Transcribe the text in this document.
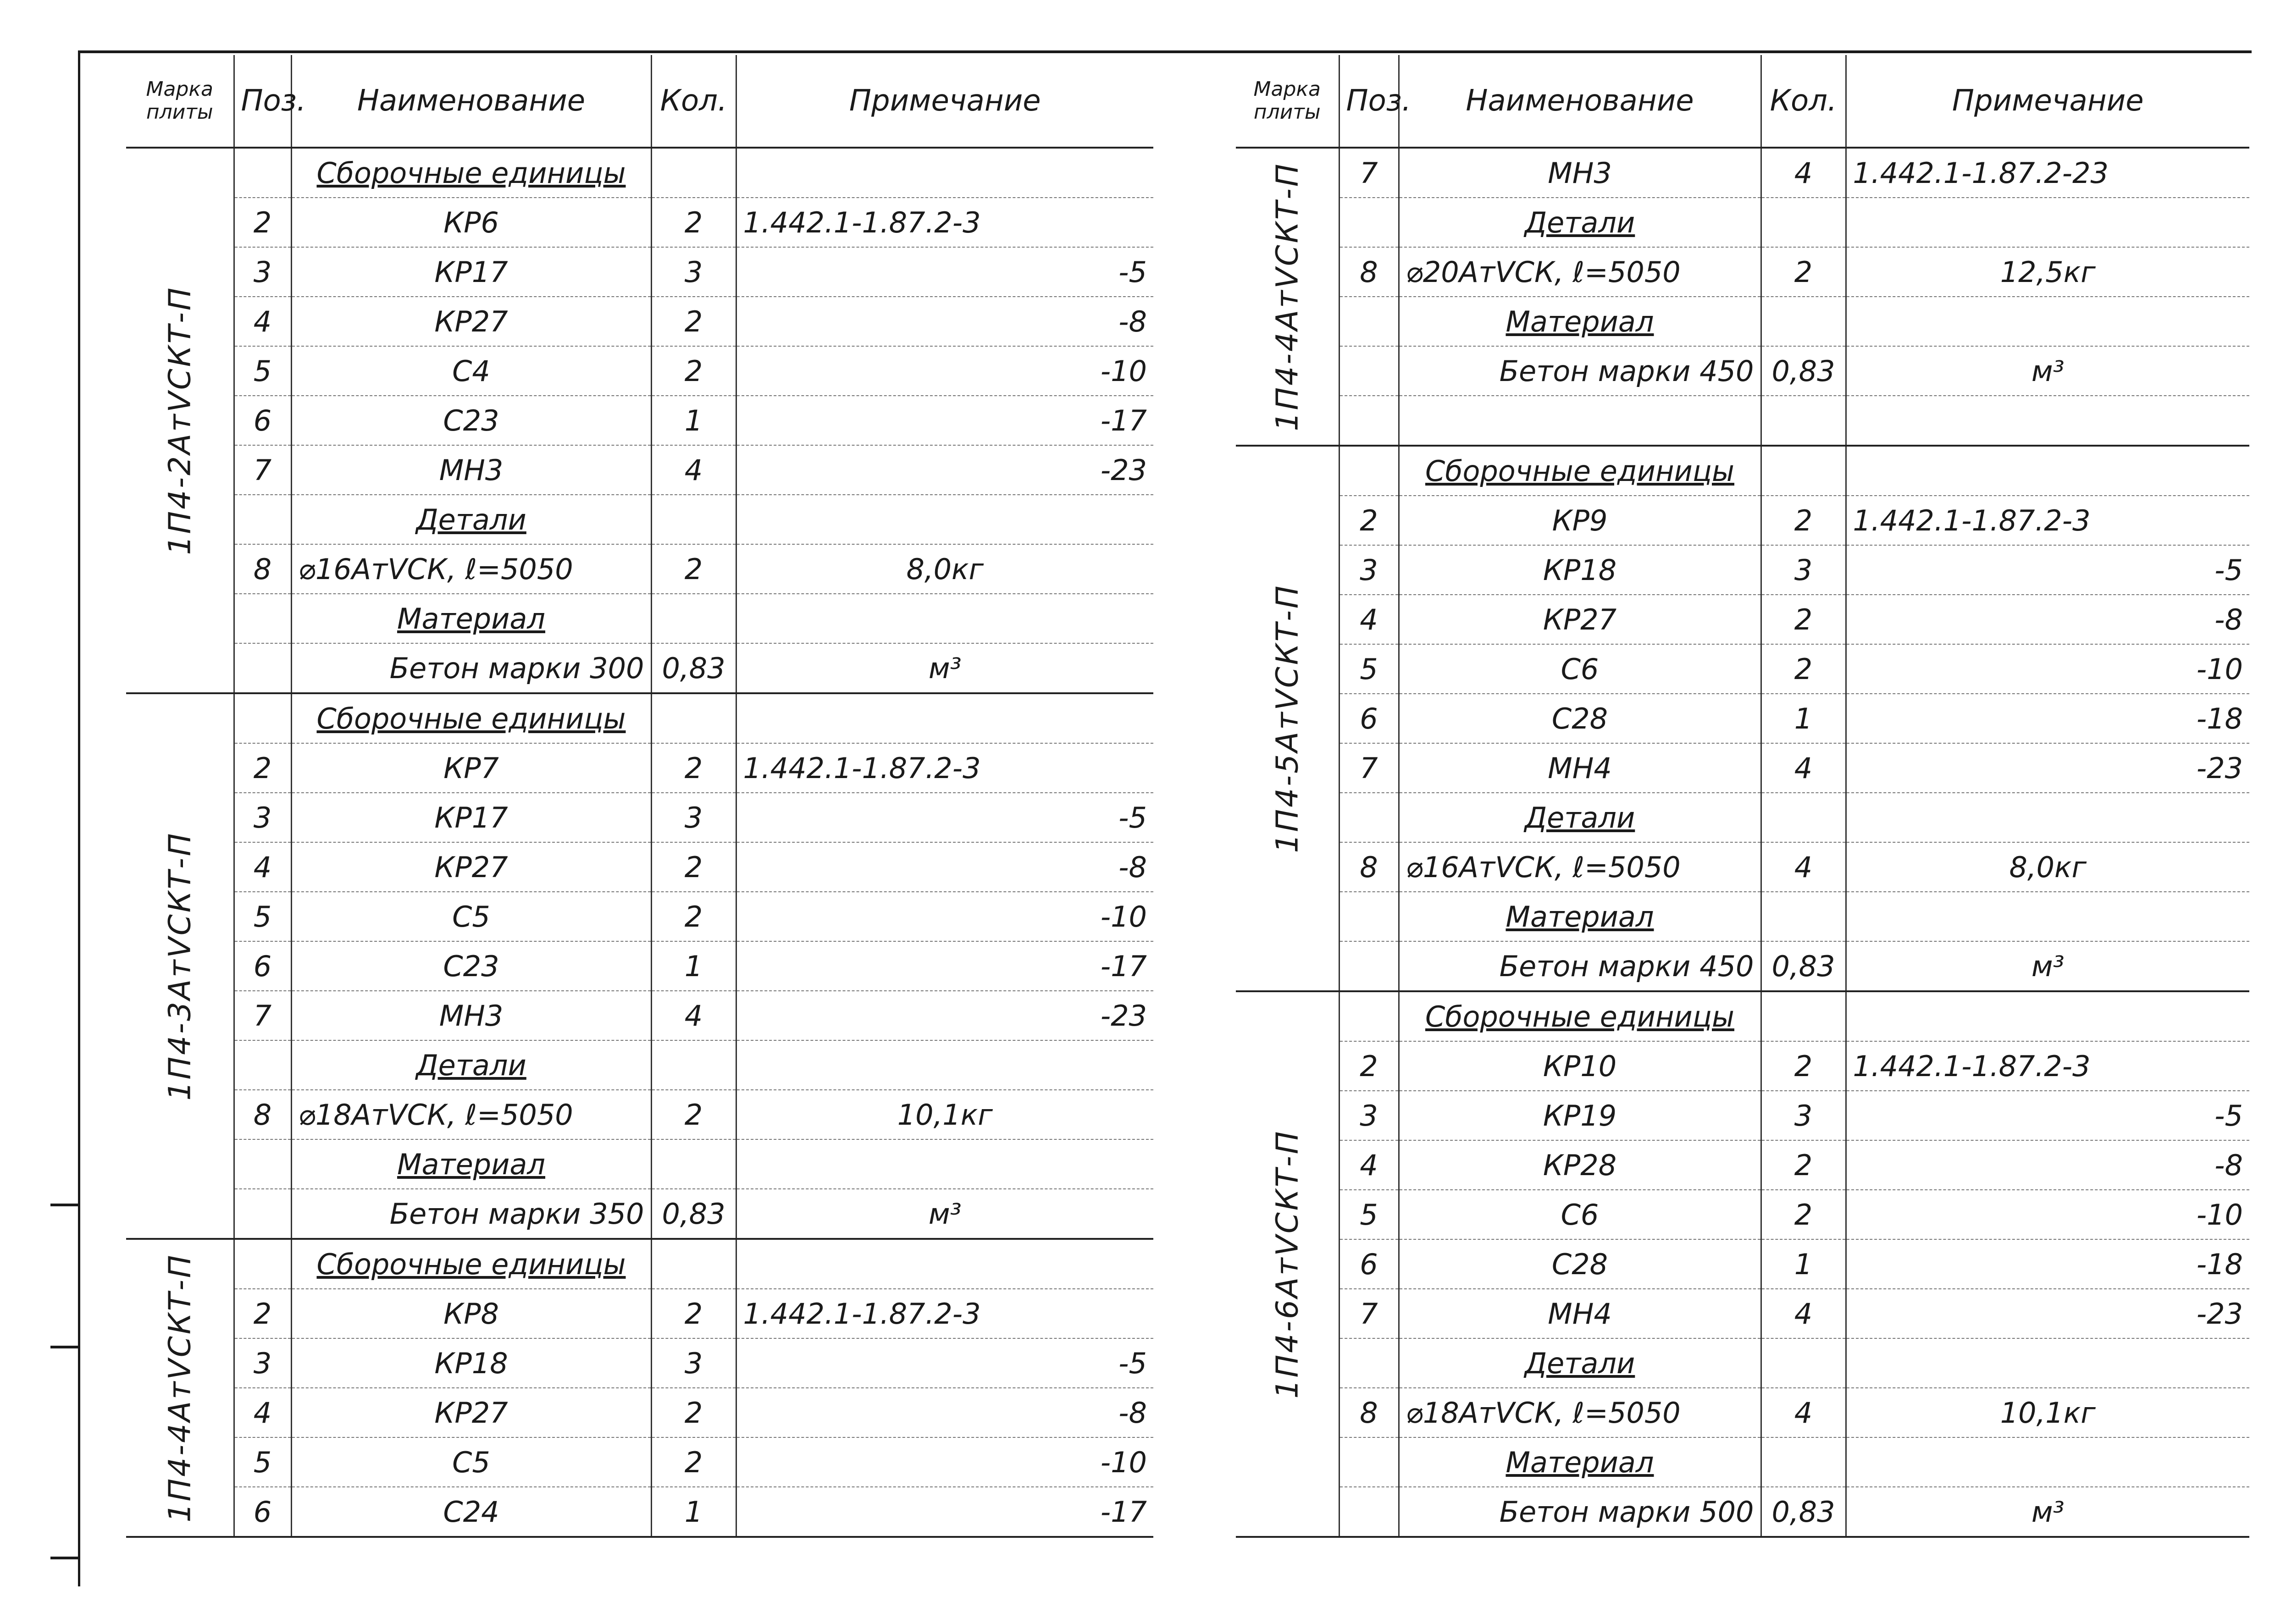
Марка плиты	Поз.	Наименование	Кол.	Примечание

1П4-2АтⅤСКТ-П		Сборочные единицы		
	2	КР6	2	1.442.1-1.87.2-3
	3	КР17	3	-5
	4	КР27	2	-8
	5	С4	2	-10
	6	С23	1	-17
	7	МН3	4	-23
		Детали		
	8	⌀16АтⅤСК, ℓ=5050	2	8,0кг
		Материал		
		Бетон марки 300	0,83	м³

1П4-3АтⅤСКТ-П		Сборочные единицы		
	2	КР7	2	1.442.1-1.87.2-3
	3	КР17	3	-5
	4	КР27	2	-8
	5	С5	2	-10
	6	С23	1	-17
	7	МН3	4	-23
		Детали		
	8	⌀18АтⅤСК, ℓ=5050	2	10,1кг
		Материал		
		Бетон марки 350	0,83	м³

1П4-4АтⅤСКТ-П		Сборочные единицы		
	2	КР8	2	1.442.1-1.87.2-3
	3	КР18	3	-5
	4	КР27	2	-8
	5	С5	2	-10
	6	С24	1	-17
Марка плиты	Поз.	Наименование	Кол.	Примечание

1П4-4АтⅤСКТ-П	7	МН3	4	1.442.1-1.87.2-23
		Детали		
	8	⌀20АтⅤСК, ℓ=5050	2	12,5кг
		Материал		
		Бетон марки 450	0,83	м³

1П4-5АтⅤСКТ-П		Сборочные единицы		
	2	КР9	2	1.442.1-1.87.2-3
	3	КР18	3	-5
	4	КР27	2	-8
	5	С6	2	-10
	6	С28	1	-18
	7	МН4	4	-23
		Детали		
	8	⌀16АтⅤСК, ℓ=5050	4	8,0кг
		Материал		
		Бетон марки 450	0,83	м³

1П4-6АтⅤСКТ-П		Сборочные единицы		
	2	КР10	2	1.442.1-1.87.2-3
	3	КР19	3	-5
	4	КР28	2	-8
	5	С6	2	-10
	6	С28	1	-18
	7	МН4	4	-23
		Детали		
	8	⌀18АтⅤСК, ℓ=5050	4	10,1кг
		Материал		
		Бетон марки 500	0,83	м³
